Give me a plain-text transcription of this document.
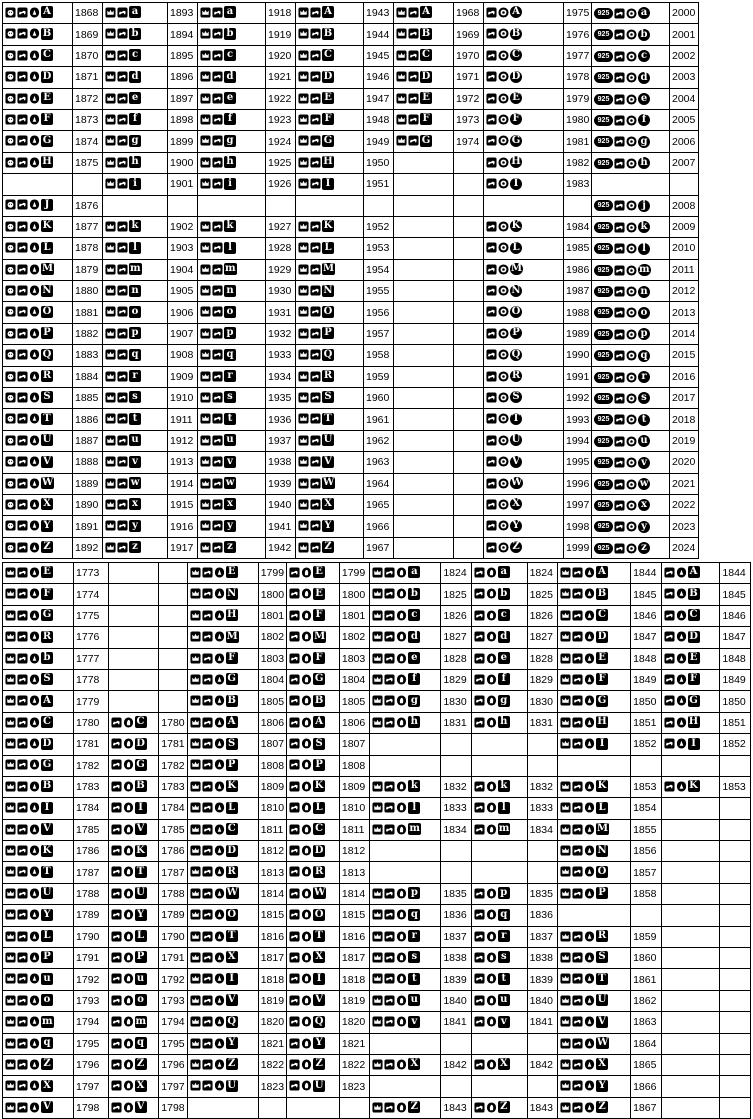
A	1868	a	1893	a	1918	A	1943	A	1968	A	1975	925 a	2000

B	1869	b	1894	b	1919	B	1944	B	1969	B	1976	925 b	2001

C	1870	c	1895	c	1920	C	1945	C	1970	C	1977	925 c	2002

D	1871	d	1896	d	1921	D	1946	D	1971	D	1978	925 d	2003

E	1872	e	1897	e	1922	E	1947	E	1972	E	1979	925 e	2004

F	1873	f	1898	f	1923	F	1948	F	1973	F	1980	925 f	2005

G	1874	g	1899	g	1924	G	1949	G	1974	G	1981	925 g	2006

H	1875	h	1900	h	1925	H	1950			H	1982	925 h	2007

		i	1901	i	1926	I	1951			I	1983		

J	1876											925 j	2008

K	1877	k	1902	k	1927	K	1952			K	1984	925 k	2009

L	1878	l	1903	l	1928	L	1953			L	1985	925 l	2010

M	1879	m	1904	m	1929	M	1954			M	1986	925 m	2011

N	1880	n	1905	n	1930	N	1955			N	1987	925 n	2012

O	1881	o	1906	o	1931	O	1956			O	1988	925 o	2013

P	1882	p	1907	p	1932	P	1957			P	1989	925 p	2014

Q	1883	q	1908	q	1933	Q	1958			Q	1990	925 q	2015

R	1884	r	1909	r	1934	R	1959			R	1991	925 r	2016

S	1885	s	1910	s	1935	S	1960			S	1992	925 s	2017

T	1886	t	1911	t	1936	T	1961			T	1993	925 t	2018

U	1887	u	1912	u	1937	U	1962			U	1994	925 u	2019

V	1888	v	1913	v	1938	V	1963			V	1995	925 v	2020

W	1889	w	1914	w	1939	W	1964			W	1996	925 w	2021

X	1890	x	1915	x	1940	X	1965			X	1997	925 x	2022

Y	1891	y	1916	y	1941	Y	1966			Y	1998	925 y	2023

Z	1892	z	1917	z	1942	Z	1967			Z	1999	925 z	2024
E	1773			E	1799	E	1799	a	1824	a	1824	A	1844	A	1844

F	1774			N	1800	E	1800	b	1825	b	1825	B	1845	B	1845

G	1775			H	1801	F	1801	c	1826	c	1826	C	1846	C	1846

R	1776			M	1802	M	1802	d	1827	d	1827	D	1847	D	1847

b	1777			F	1803	F	1803	e	1828	e	1828	E	1848	E	1848

S	1778			G	1804	G	1804	f	1829	f	1829	F	1849	F	1849

A	1779			B	1805	B	1805	g	1830	g	1830	G	1850	G	1850

C	1780	C	1780	A	1806	A	1806	h	1831	h	1831	H	1851	H	1851

D	1781	D	1781	S	1807	S	1807					I	1852	I	1852

G	1782	G	1782	P	1808	P	1808								

B	1783	B	1783	K	1809	K	1809	k	1832	k	1832	K	1853	K	1853

I	1784	I	1784	L	1810	L	1810	l	1833	l	1833	L	1854		

V	1785	V	1785	C	1811	C	1811	m	1834	m	1834	M	1855		

K	1786	K	1786	D	1812	D	1812					N	1856		

T	1787	T	1787	R	1813	R	1813					O	1857		

U	1788	U	1788	W	1814	W	1814	p	1835	p	1835	P	1858		

Y	1789	Y	1789	O	1815	O	1815	q	1836	q	1836				

L	1790	L	1790	T	1816	T	1816	r	1837	r	1837	R	1859		

P	1791	P	1791	X	1817	X	1817	s	1838	s	1838	S	1860		

u	1792	u	1792	I	1818	I	1818	t	1839	t	1839	T	1861		

o	1793	o	1793	V	1819	V	1819	u	1840	u	1840	U	1862		

m	1794	m	1794	Q	1820	Q	1820	v	1841	v	1841	V	1863		

q	1795	q	1795	Y	1821	Y	1821					W	1864		

Z	1796	Z	1796	Z	1822	Z	1822	X	1842	X	1842	X	1865		

X	1797	X	1797	U	1823	U	1823					Y	1866		

V	1798	V	1798					Z	1843	Z	1843	Z	1867		
